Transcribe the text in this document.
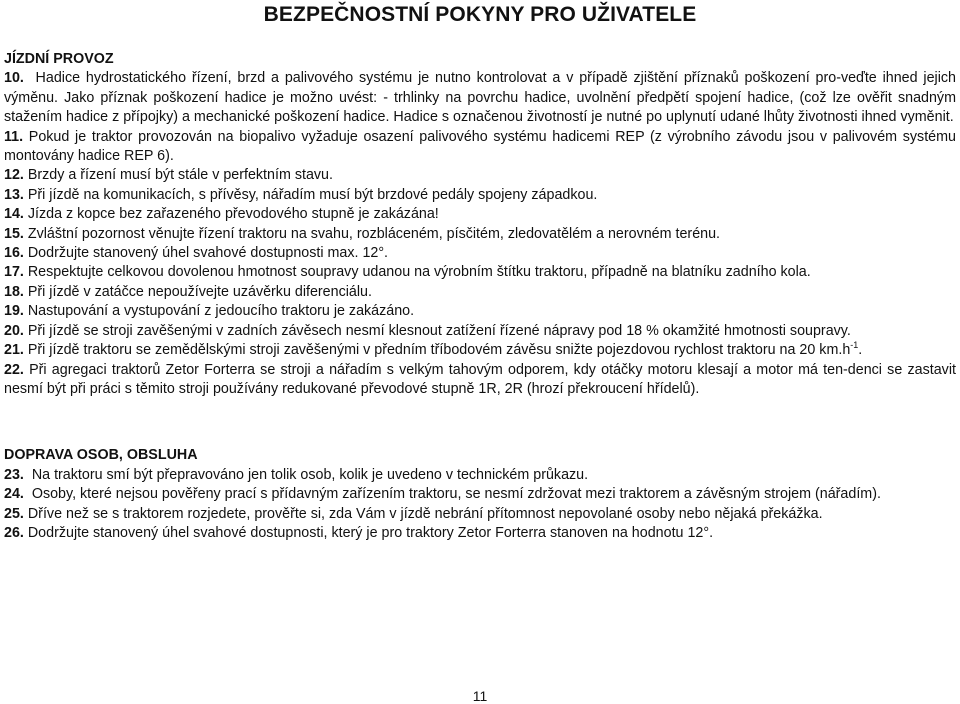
BEZPEČNOSTNÍ POKYNY PRO UŽIVATELE

JÍZDNÍ PROVOZ

10. Hadice hydrostatického řízení, brzd a palivového systému je nutno kontrolovat a v případě zjištění příznaků poškození pro-veďte ihned jejich výměnu. Jako příznak poškození hadice je možno uvést: - trhlinky na povrchu hadice, uvolnění předpětí spojení hadice, (což lze ověřit snadným stažením hadice z přípojky) a mechanické poškození hadice. Hadice s označenou životností je nutné po uplynutí udané lhůty životnosti ihned vyměnit.

11. Pokud je traktor provozován na biopalivo vyžaduje osazení palivového systému hadicemi REP (z výrobního závodu jsou v palivovém systému montovány hadice REP 6).

12. Brzdy a řízení musí být stále v perfektním stavu.

13. Při jízdě na komunikacích, s přívěsy, nářadím musí být brzdové pedály spojeny západkou.

14. Jízda z kopce bez zařazeného převodového stupně je zakázána!

15. Zvláštní pozornost věnujte řízení traktoru na svahu, rozbláceném, písčitém, zledovatělém a nerovném terénu.

16. Dodržujte stanovený úhel svahové dostupnosti max. 12°.

17. Respektujte celkovou dovolenou hmotnost soupravy udanou na výrobním štítku traktoru, případně na blatníku zadního kola.

18. Při jízdě v zatáčce nepoužívejte uzávěrku diferenciálu.

19. Nastupování a vystupování z jedoucího traktoru je zakázáno.

20. Při jízdě se stroji zavěšenými v zadních závěsech nesmí klesnout zatížení řízené nápravy pod 18 % okamžité hmotnosti soupravy.

21. Při jízdě traktoru se zemědělskými stroji zavěšenými v předním tříbodovém závěsu snižte pojezdovou rychlost traktoru na 20 $km.h^{-1}$.

22. Při agregaci traktorů Zetor Forterra se stroji a nářadím s velkým tahovým odporem, kdy otáčky motoru klesají a motor má ten-denci se zastavit nesmí být při práci s těmito stroji používány redukované převodové stupně 1R, 2R (hrozí překroucení hřídelů).

DOPRAVA OSOB, OBSLUHA

23. Na traktoru smí být přepravováno jen tolik osob, kolik je uvedeno v technickém průkazu.

24. Osoby, které nejsou pověřeny prací s přídavným zařízením traktoru, se nesmí zdržovat mezi traktorem a závěsným strojem (nářadím).

25. Dříve než se s traktorem rozjedete, prověřte si, zda Vám v jízdě nebrání přítomnost nepovolané osoby nebo nějaká překážka.

26. Dodržujte stanovený úhel svahové dostupnosti, který je pro traktory Zetor Forterra stanoven na hodnotu 12°.

11
